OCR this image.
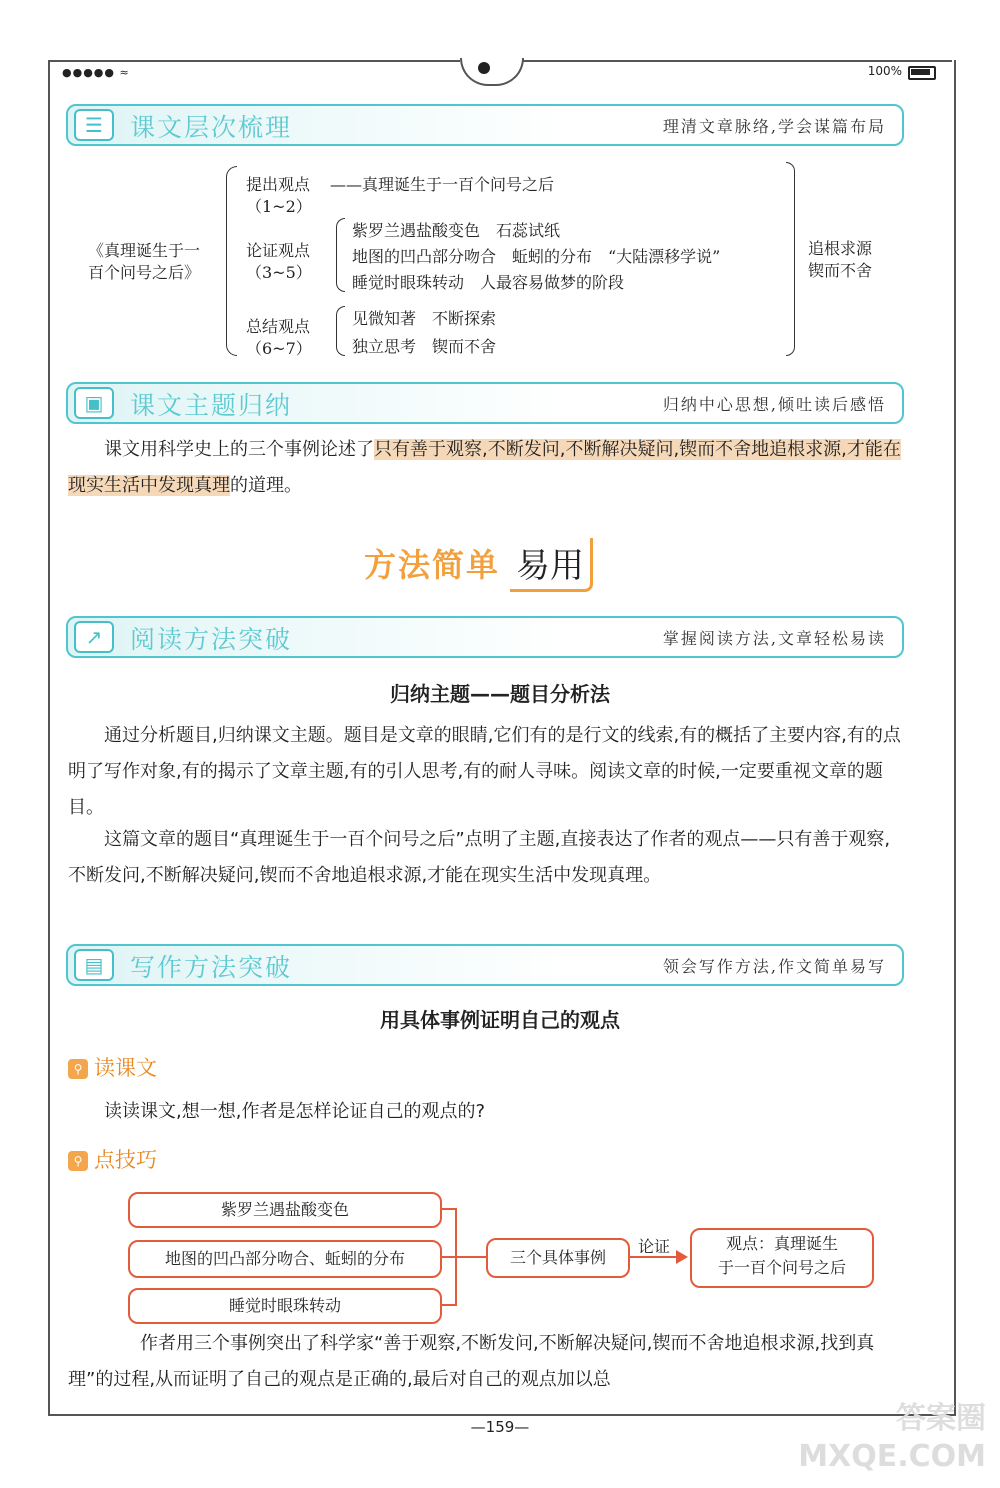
●●●●● ≈	100%
☰	课文层次梳理	理清文章脉络,学会谋篇布局
《真理诞生于一
百个问号之后》
提出观点
（1~2）
——真理诞生于一百个问号之后
论证观点
（3~5）
紫罗兰遇盐酸变色　石蕊试纸
地图的凹凸部分吻合　蚯蚓的分布　“大陆漂移学说”
睡觉时眼珠转动　人最容易做梦的阶段
总结观点
（6~7）
见微知著　不断探索
独立思考　锲而不舍
追根求源
锲而不舍
▣	课文主题归纳	归纳中心思想,倾吐读后感悟
课文用科学史上的三个事例论述了只有善于观察,不断发问,不断解决疑问,锲而不舍地追根求源,才能在现实生活中发现真理的道理。
方法简单 易用
↗	阅读方法突破	掌握阅读方法,文章轻松易读
归纳主题——题目分析法
通过分析题目,归纳课文主题。题目是文章的眼睛,它们有的是行文的线索,有的概括了主要内容,有的点明了写作对象,有的揭示了文章主题,有的引人思考,有的耐人寻味。阅读文章的时候,一定要重视文章的题目。
这篇文章的题目“真理诞生于一百个问号之后”点明了主题,直接表达了作者的观点——只有善于观察,不断发问,不断解决疑问,锲而不舍地追根求源,才能在现实生活中发现真理。
▤	写作方法突破	领会写作方法,作文简单易写
用具体事例证明自己的观点
⚲ 读课文
读读课文,想一想,作者是怎样论证自己的观点的?
⚲ 点技巧
紫罗兰遇盐酸变色
地图的凹凸部分吻合、蚯蚓的分布
睡觉时眼珠转动
三个具体事例
论证	观点：真理诞生
于一百个问号之后
作者用三个事例突出了科学家“善于观察,不断发问,不断解决疑问,锲而不舍地追根求源,找到真理”的过程,从而证明了自己的观点是正确的,最后对自己的观点加以总
—159—	答案圈 MXQE.COM
